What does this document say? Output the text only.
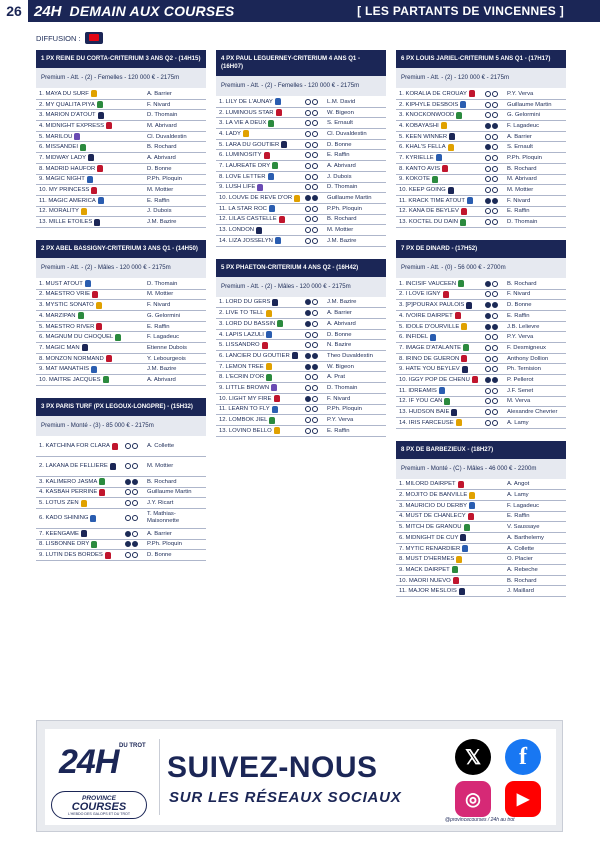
26 24H DEMAIN AUX COURSES	[ LES PARTANTS DE VINCENNES ]
DIFFUSION :
1 PX REINE DU CORTA-CRITERIUM 3 ANS Q2 - (14H15)
Premium - Att. - (2) - Femelles - 120 000 € - 2175m
1. MAYA DU SURF	A. Barrier
2. MY QUALITA PIYA	F. Nivard
3. MARION D'ATOUT	D. Thomain
4. MIDNIGHT EXPRESS	M. Abrivard
5. MARILOU	Cl. Duvaldestin
6. MISSANDEI	B. Rochard
7. MIDWAY LADY	A. Abrivard
8. MADRID HAUFOR	D. Bonne
9. MAGIC NIGHT	P.Ph. Ploquin
10. MY PRINCESS	M. Mottier
11. MAGIC AMERICA	E. Raffin
12. MORALITY	J. Dubois
13. MILLE ETOILES	J.M. Bazire
2 PX ABEL BASSIGNY-CRITERIUM 3 ANS Q1 - (14H50)
Premium - Att. - (2) - Mâles - 120 000 € - 2175m
1. MUST ATOUT	D. Thomain
2. MAESTRO VRIE	M. Mottier
3. MYSTIC SONATO	F. Nivard
4. MARZIPAN	G. Gelormini
5. MAESTRO RIVER	E. Raffin
6. MAGNUM DU CHOQUEL	F. Lagadeuc
7. MAGIC MAN	Etienne Dubois
8. MONZON NORMAND	Y. Lebourgeois
9. MAT MANATHIS	J.M. Bazire
10. MAITRE JACQUES	A. Abrivard
3 PX PARIS TURF (PX LEGOUX-LONGPRE) - (15H32)
Premium - Monté - (3) - 85 000 € - 2175m
1. KATCHINA FOR CLARA	A. Collette
2. LAKANA DE FELLIERE	M. Mottier
3. KALIMERO JASMA	B. Rochard
4. KASBAH PERRINE	Guillaume Martin
5. LOTUS ZEN	J.Y. Ricart
6. KADO SHINING
T. Mathias-Maisonnette
7. KEENGAME	A. Barrier
8. LISBONNE DRY	P.Ph. Ploquin
9. LUTIN DES BORDES	D. Bonne
4 PX PAUL LEGUERNEY-CRITERIUM 4 ANS Q1 - (16H07)
Premium - Att. - (2) - Femelles - 120 000 € - 2175m
1. LILY DE L'AUNAY	L.M. David
2. LUMINOUS STAR	W. Bigeon
3. LA VIE A DEUX	S. Ernault
4. LADY	Cl. Duvaldestin
5. LARA DU GOUTIER	D. Bonne
6. LUMINOSITY	E. Raffin
7. LAUREATE DRY	A. Abrivard
8. LOVE LETTER	J. Dubois
9. LUSH LIFE	D. Thomain
10. LOUVE DE REVE D'OR	Guillaume Martin
11. LA STAR ROC	P.Ph. Ploquin
12. LILAS CASTELLE	B. Rochard
13. LONDON	M. Mottier
14. LIZA JOSSELYN	J.M. Bazire
5 PX PHAETON-CRITERIUM 4 ANS Q2 - (16H42)
Premium - Att. - (2) - Mâles - 120 000 € - 2175m
1. LORD DU GERS	J.M. Bazire
2. LIVE TO TELL	A. Barrier
3. LORD DU BASSIN	A. Abrivard
4. LAPIS LAZULI	D. Bonne
5. LISSANDRO	N. Bazire
6. LANCIER DU GOUTIER	Theo Duvaldestin
7. LEMON TREE	W. Bigeon
8. L'ECRIN D'OR	A. Prat
9. LITTLE BROWN	D. Thomain
10. LIGHT MY FIRE	F. Nivard
11. LEARN TO FLY	P.Ph. Ploquin
12. LOMBOK JIEL	P.Y. Verva
13. LOVINO BELLO	E. Raffin
6 PX LOUIS JARIEL-CRITERIUM 5 ANS Q1 - (17H17)
Premium - Att. - (2) - 120 000 € - 2175m
1. KORALIA DE CROUAY	P.Y. Verva
2. KIPHYLE DESBOIS	Guillaume Martin
3. KNOCKONWOOD	G. Gelormini
4. KOBAYASHI	F. Lagadeuc
5. KEEN WINNER	A. Barrier
6. KHAL'S FELLA	S. Ernault
7. KYRIELLE	P.Ph. Ploquin
8. KANTO AVIS	B. Rochard
9. KOKOTE	M. Abrivard
10. KEEP GOING	M. Mottier
11. KRACK TIME ATOUT	F. Nivard
12. KANA DE BEYLEV	E. Raffin
13. KOCTEL DU DAIN	D. Thomain
7 PX DE DINARD - (17H52)
Premium - Att. - (0) - 56 000 € - 2700m
1. INCISIF VAUCEEN	B. Rochard
2. I LOVE IGNY	F. Nivard
3. [P]POURAX PAULOIS	D. Bonne
4. IVOIRE DAIRPET	E. Raffin
5. IDOLE D'OURVILLE	J.B. Lelievre
6. INFIDEL	P.Y. Verva
7. IMAGE D'ATALANTE	F. Desmigneux
8. IRINO DE GUERON	Anthony Dollion
9. HATE YOU BEYLEV	Ph. Ternision
10. IGGY POP DE CHENU	P. Pellerot
11. IDREAMIS	J.F. Senet
12. IF YOU CAN	M. Verva
13. HUDSON BAIE	Alexandre Chevrier
14. IRIS FARCEUSE	A. Lamy
8 PX DE BARBEZIEUX - (18H27)
Premium - Monté - (C) - Mâles - 46 000 € - 2200m
1. MILORD DAIRPET	A. Angot
2. MOJITO DE BANVILLE	A. Lamy
3. MAURICIO DU DERBY	F. Lagadeuc
4. MUST DE CHANLECY	E. Raffin
5. MITCH DE GRANOU	V. Saussaye
6. MIDNIGHT DE CUY	A. Barthelemy
7. MYTIC RENARDIER	A. Collette
8. MUST D'HERMES	O. Placier
9. MACK DAIRPET	A. Rebeche
10. MAORI NUEVO	B. Rochard
11. MAJOR MESLOIS	J. Maillard
24H DU TROT
PROVINCE
COURSES
L'HEBDO DES GALOPS ET DU TROT
SUIVEZ-NOUS
SUR LES RÉSEAUX SOCIAUX
𝕏	f
◎	▶
@provincecourses / 24h au trot
